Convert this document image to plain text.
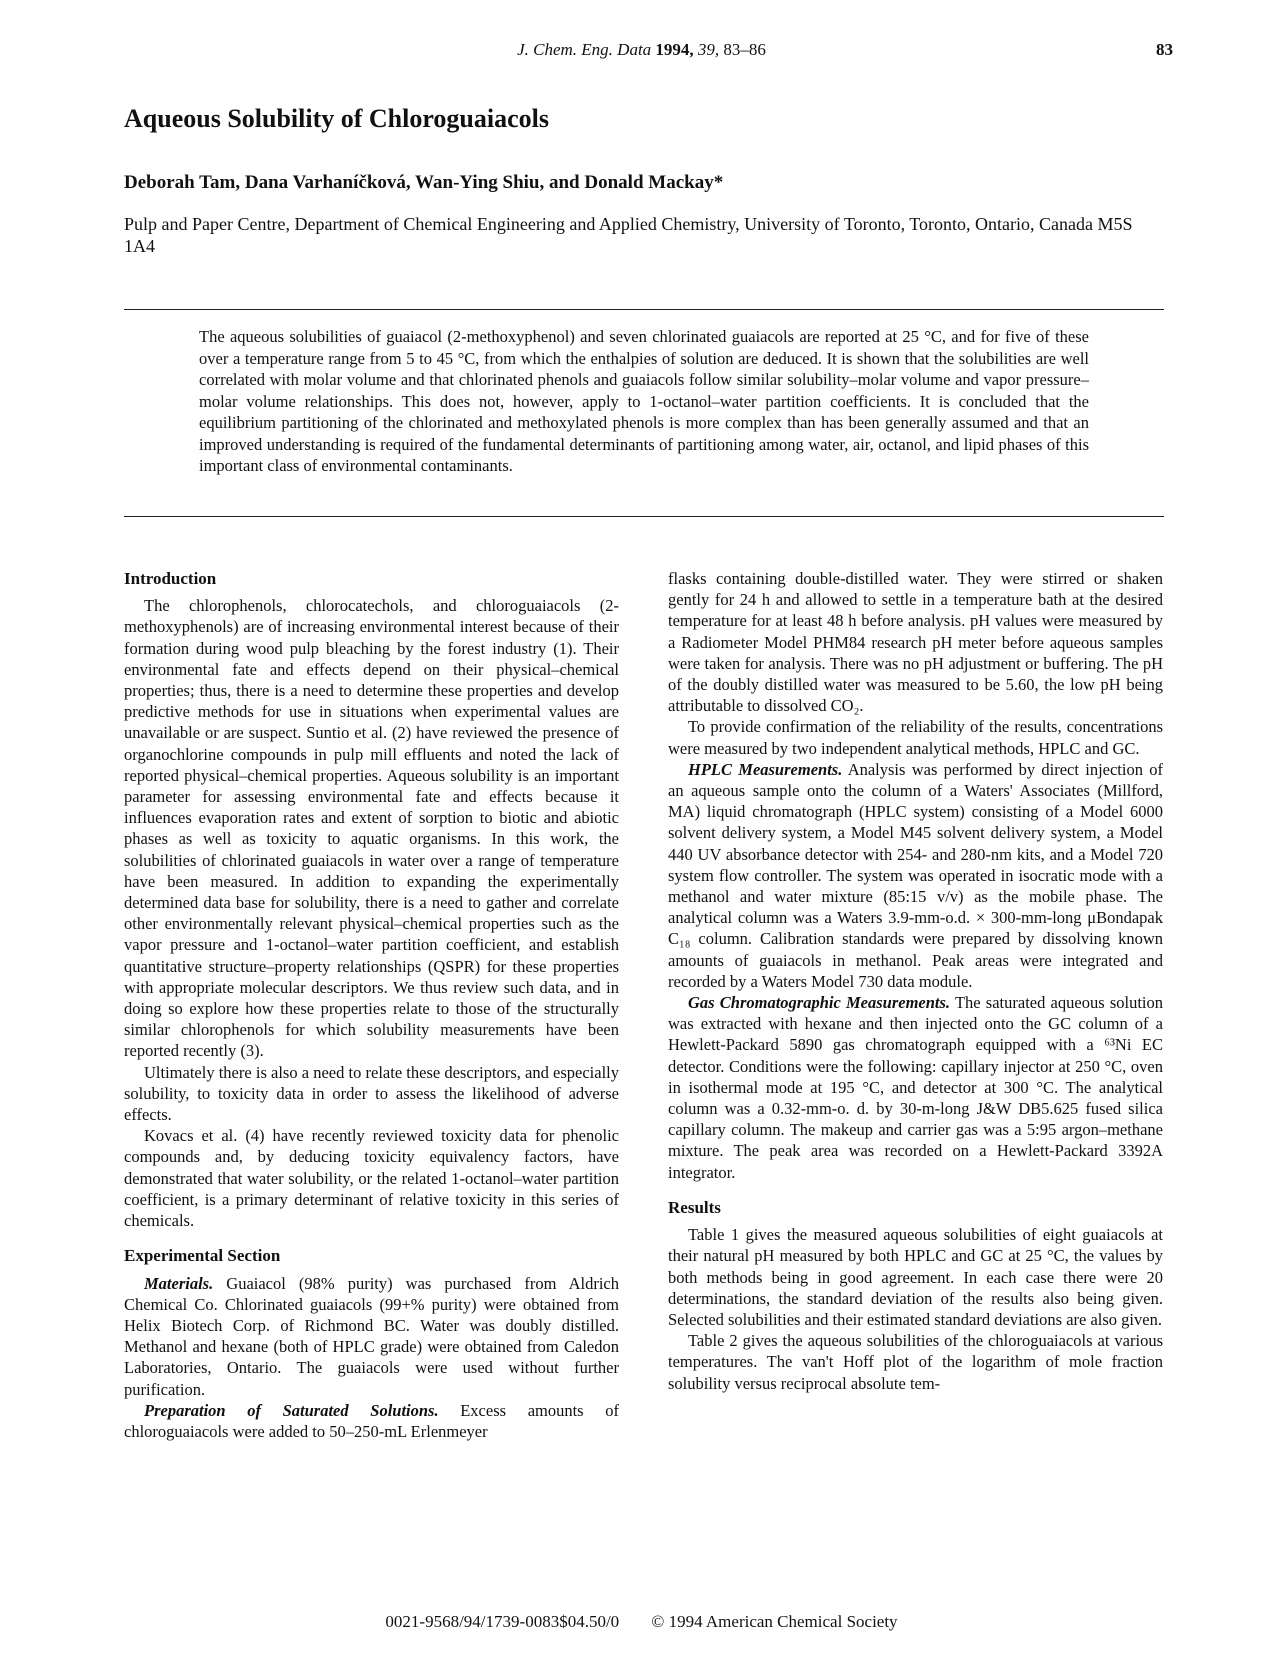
J. Chem. Eng. Data 1994, 39, 83–86	83
Aqueous Solubility of Chloroguaiacols
Deborah Tam, Dana Varhaníčková, Wan-Ying Shiu, and Donald Mackay*
Pulp and Paper Centre, Department of Chemical Engineering and Applied Chemistry, University of Toronto, Toronto, Ontario, Canada M5S 1A4
The aqueous solubilities of guaiacol (2-methoxyphenol) and seven chlorinated guaiacols are reported at 25 °C, and for five of these over a temperature range from 5 to 45 °C, from which the enthalpies of solution are deduced. It is shown that the solubilities are well correlated with molar volume and that chlorinated phenols and guaiacols follow similar solubility–molar volume and vapor pressure–molar volume relationships. This does not, however, apply to 1-octanol–water partition coefficients. It is concluded that the equilibrium partitioning of the chlorinated and methoxylated phenols is more complex than has been generally assumed and that an improved understanding is required of the fundamental determinants of partitioning among water, air, octanol, and lipid phases of this important class of environmental contaminants.
Introduction

The chlorophenols, chlorocatechols, and chloroguaiacols (2-methoxyphenols) are of increasing environmental interest because of their formation during wood pulp bleaching by the forest industry (1). Their environmental fate and effects depend on their physical–chemical properties; thus, there is a need to determine these properties and develop predictive methods for use in situations when experimental values are unavailable or are suspect. Suntio et al. (2) have reviewed the presence of organochlorine compounds in pulp mill effluents and noted the lack of reported physical–chemical properties. Aqueous solubility is an important parameter for assessing environmental fate and effects because it influences evaporation rates and extent of sorption to biotic and abiotic phases as well as toxicity to aquatic organisms. In this work, the solubilities of chlorinated guaiacols in water over a range of temperature have been measured. In addition to expanding the experimentally determined data base for solubility, there is a need to gather and correlate other environmentally relevant physical–chemical properties such as the vapor pressure and 1-octanol–water partition coefficient, and establish quantitative structure–property relationships (QSPR) for these properties with appropriate molecular descriptors. We thus review such data, and in doing so explore how these properties relate to those of the structurally similar chlorophenols for which solubility measurements have been reported recently (3).

Ultimately there is also a need to relate these descriptors, and especially solubility, to toxicity data in order to assess the likelihood of adverse effects.

Kovacs et al. (4) have recently reviewed toxicity data for phenolic compounds and, by deducing toxicity equivalency factors, have demonstrated that water solubility, or the related 1-octanol–water partition coefficient, is a primary determinant of relative toxicity in this series of chemicals.

Experimental Section

Materials. Guaiacol (98% purity) was purchased from Aldrich Chemical Co. Chlorinated guaiacols (99+% purity) were obtained from Helix Biotech Corp. of Richmond BC. Water was doubly distilled. Methanol and hexane (both of HPLC grade) were obtained from Caledon Laboratories, Ontario. The guaiacols were used without further purification.

Preparation of Saturated Solutions. Excess amounts of chloroguaiacols were added to 50–250-mL Erlenmeyer

flasks containing double-distilled water. They were stirred or shaken gently for 24 h and allowed to settle in a temperature bath at the desired temperature for at least 48 h before analysis. pH values were measured by a Radiometer Model PHM84 research pH meter before aqueous samples were taken for analysis. There was no pH adjustment or buffering. The pH of the doubly distilled water was measured to be 5.60, the low pH being attributable to dissolved CO₂.

To provide confirmation of the reliability of the results, concentrations were measured by two independent analytical methods, HPLC and GC.

HPLC Measurements. Analysis was performed by direct injection of an aqueous sample onto the column of a Waters' Associates (Millford, MA) liquid chromatograph (HPLC system) consisting of a Model 6000 solvent delivery system, a Model M45 solvent delivery system, a Model 440 UV absorbance detector with 254- and 280-nm kits, and a Model 720 system flow controller. The system was operated in isocratic mode with a methanol and water mixture (85:15 v/v) as the mobile phase. The analytical column was a Waters 3.9-mm-o.d. × 300-mm-long μBondapak C₁₈ column. Calibration standards were prepared by dissolving known amounts of guaiacols in methanol. Peak areas were integrated and recorded by a Waters Model 730 data module.

Gas Chromatographic Measurements. The saturated aqueous solution was extracted with hexane and then injected onto the GC column of a Hewlett-Packard 5890 gas chromatograph equipped with a ⁶³Ni EC detector. Conditions were the following: capillary injector at 250 °C, oven in isothermal mode at 195 °C, and detector at 300 °C. The analytical column was a 0.32-mm-o. d. by 30-m-long J&W DB5.625 fused silica capillary column. The makeup and carrier gas was a 5:95 argon–methane mixture. The peak area was recorded on a Hewlett-Packard 3392A integrator.

Results

Table 1 gives the measured aqueous solubilities of eight guaiacols at their natural pH measured by both HPLC and GC at 25 °C, the values by both methods being in good agreement. In each case there were 20 determinations, the standard deviation of the results also being given. Selected solubilities and their estimated standard deviations are also given.

Table 2 gives the aqueous solubilities of the chloroguaiacols at various temperatures. The van't Hoff plot of the logarithm of mole fraction solubility versus reciprocal absolute tem-

0021-9568/94/1739-0083$04.50/0 © 1994 American Chemical Society
